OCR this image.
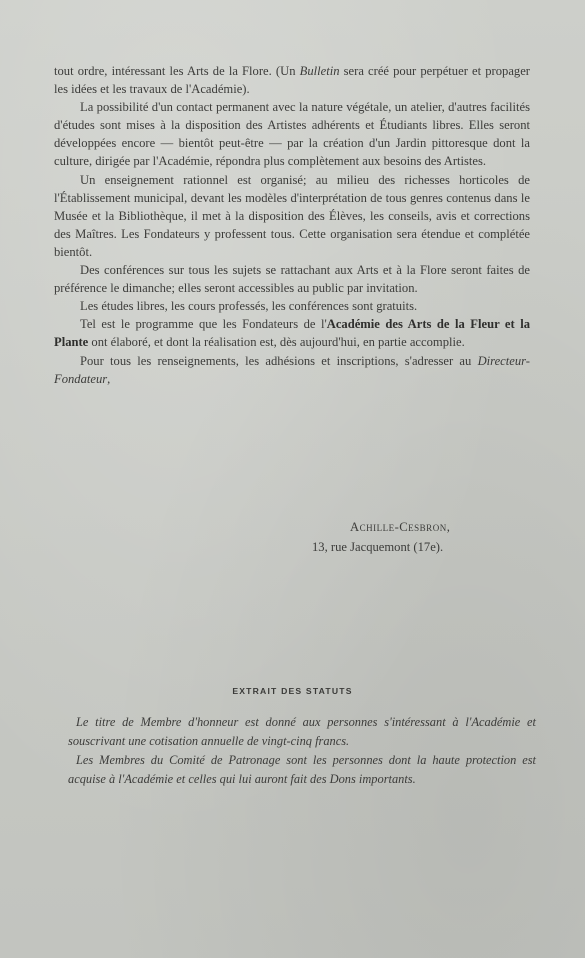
tout ordre, intéressant les Arts de la Flore. (Un Bulletin sera créé pour perpétuer et propager les idées et les travaux de l'Académie).

La possibilité d'un contact permanent avec la nature végétale, un atelier, d'autres facilités d'études sont mises à la disposition des Artistes adhérents et Étudiants libres. Elles seront développées encore — bientôt peut-être — par la création d'un Jardin pittoresque dont la culture, dirigée par l'Académie, répondra plus complètement aux besoins des Artistes.

Un enseignement rationnel est organisé; au milieu des richesses horticoles de l'Établissement municipal, devant les modèles d'interprétation de tous genres contenus dans le Musée et la Bibliothèque, il met à la disposition des Élèves, les conseils, avis et corrections des Maîtres. Les Fondateurs y professent tous. Cette organisation sera étendue et complétée bientôt.

Des conférences sur tous les sujets se rattachant aux Arts et à la Flore seront faites de préférence le dimanche; elles seront accessibles au public par invitation.

Les études libres, les cours professés, les conférences sont gratuits.

Tel est le programme que les Fondateurs de l'Académie des Arts de la Fleur et la Plante ont élaboré, et dont la réalisation est, dès aujourd'hui, en partie accomplie.

Pour tous les renseignements, les adhésions et inscriptions, s'adresser au Directeur-Fondateur,

Achille-Cesbron,
13, rue Jacquemont (17e).
EXTRAIT DES STATUTS

Le titre de Membre d'honneur est donné aux personnes s'intéressant à l'Académie et souscrivant une cotisation annuelle de vingt-cinq francs.

Les Membres du Comité de Patronage sont les personnes dont la haute protection est acquise à l'Académie et celles qui lui auront fait des Dons importants.
